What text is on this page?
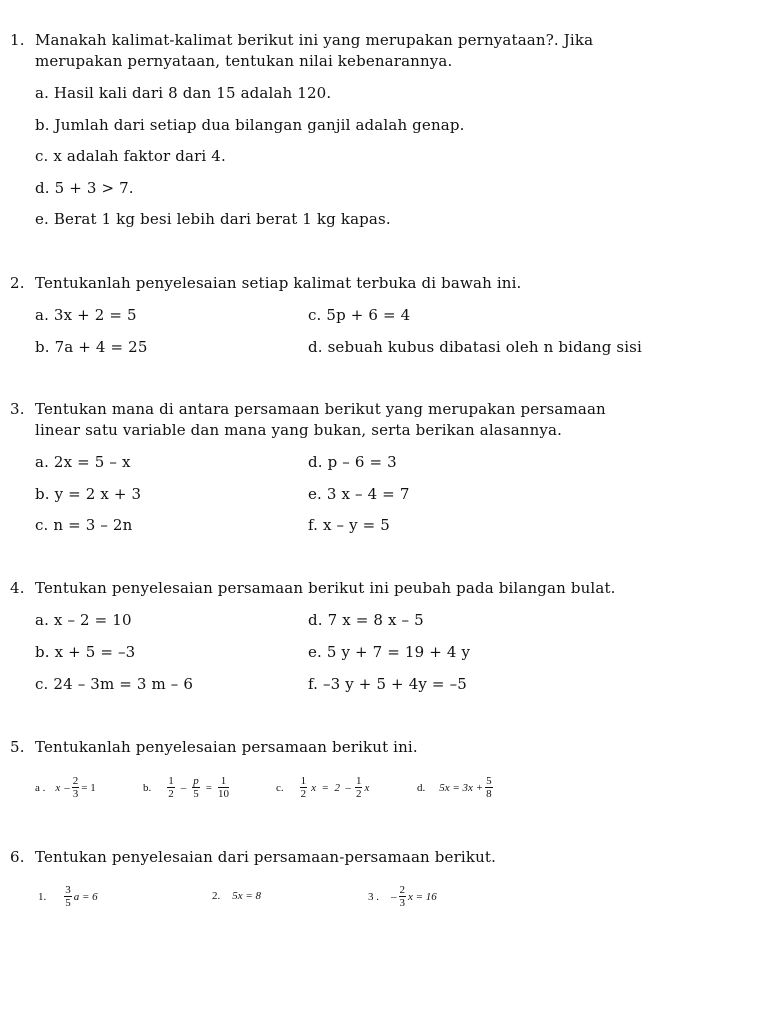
1. Manakah kalimat-kalimat berikut ini yang merupakan pernyataan?. Jika
merupakan pernyataan, tentukan nilai kebenarannya.
a. Hasil kali dari 8 dan 15 adalah 120.
b. Jumlah dari setiap dua bilangan ganjil adalah genap.
c. x adalah faktor dari 4.
d. 5 + 3 > 7.
e. Berat 1 kg besi lebih dari berat 1 kg kapas.
2. Tentukanlah penyelesaian setiap kalimat terbuka di bawah ini.
a. 3x + 2 = 5
b. 7a + 4 = 25
c. 5p + 6 = 4
d. sebuah kubus dibatasi oleh n bidang sisi
3. Tentukan mana di antara persamaan berikut yang merupakan persamaan
linear satu variable dan mana yang bukan, serta berikan alasannya.
a. 2x = 5 – x
b. y = 2 x + 3
c. n = 3 – 2n
d. p – 6 = 3
e. 3 x – 4 = 7
f. x – y = 5
4. Tentukan penyelesaian persamaan berikut ini peubah pada bilangan bulat.
a. x – 2 = 10
b. x + 5 = –3
c. 24 – 3m = 3 m – 6
d. 7 x = 8 x – 5
e. 5 y + 7 = 19 + 4 y
f. –3 y + 5 + 4y = –5
5. Tentukanlah penyelesaian persamaan berikut ini.
a . $x - \frac{2}{3} = 1$	b. $\frac{1}{2} - \frac{p}{5} = \frac{1}{10}$	c. $\frac{1}{2}$ $x = 2 - \frac{1}{2}$ x	d. $5x = 3x + \frac{5}{8}$
6. Tentukan penyelesaian dari persamaan-persamaan berikut.
1. $\frac{3}{5}$ a = 6	2. 5x = 8	3 . – $\frac{2}{3}$ x = 16
